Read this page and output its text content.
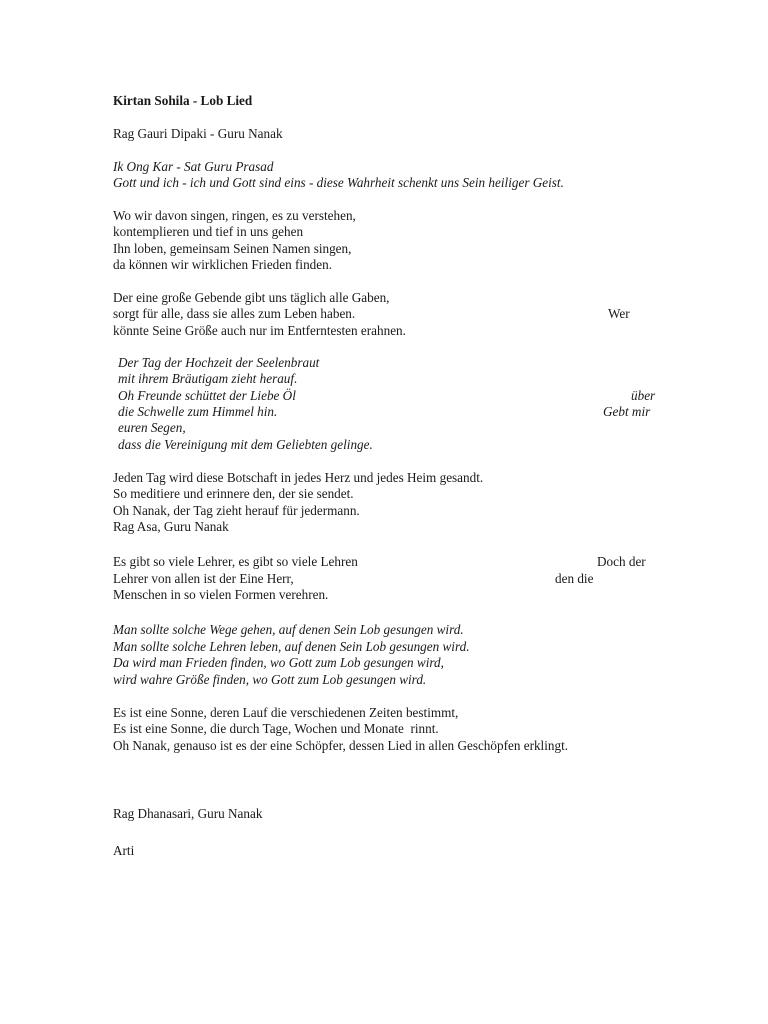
Kirtan Sohila - Lob Lied
Rag Gauri Dipaki - Guru Nanak
Ik Ong Kar - Sat Guru Prasad
Gott und ich - ich und Gott sind eins - diese Wahrheit schenkt uns Sein heiliger Geist.
Wo wir davon singen, ringen, es zu verstehen,
kontemplieren und tief in uns gehen
Ihn loben, gemeinsam Seinen Namen singen,
da können wir wirklichen Frieden finden.
Der eine große Gebende gibt uns täglich alle Gaben,
sorgt für alle, dass sie alles zum Leben haben.	Wer
könnte Seine Größe auch nur im Entferntesten erahnen.
Der Tag der Hochzeit der Seelenbraut
mit ihrem Bräutigam zieht herauf.
Oh Freunde schüttet der Liebe Öl	über
die Schwelle zum Himmel hin.	Gebt mir
euren Segen,
dass die Vereinigung mit dem Geliebten gelinge.
Jeden Tag wird diese Botschaft in jedes Herz und jedes Heim gesandt.
So meditiere und erinnere den, der sie sendet.
Oh Nanak, der Tag zieht herauf für jedermann.
Rag Asa, Guru Nanak
Es gibt so viele Lehrer, es gibt so viele Lehren	Doch der
Lehrer von allen ist der Eine Herr,	den die
Menschen in so vielen Formen verehren.
Man sollte solche Wege gehen, auf denen Sein Lob gesungen wird.
Man sollte solche Lehren leben, auf denen Sein Lob gesungen wird.
Da wird man Frieden finden, wo Gott zum Lob gesungen wird,
wird wahre Größe finden, wo Gott zum Lob gesungen wird.
Es ist eine Sonne, deren Lauf die verschiedenen Zeiten bestimmt,
Es ist eine Sonne, die durch Tage, Wochen und Monate  rinnt.
Oh Nanak, genauso ist es der eine Schöpfer, dessen Lied in allen Geschöpfen erklingt.
Rag Dhanasari, Guru Nanak
Arti
